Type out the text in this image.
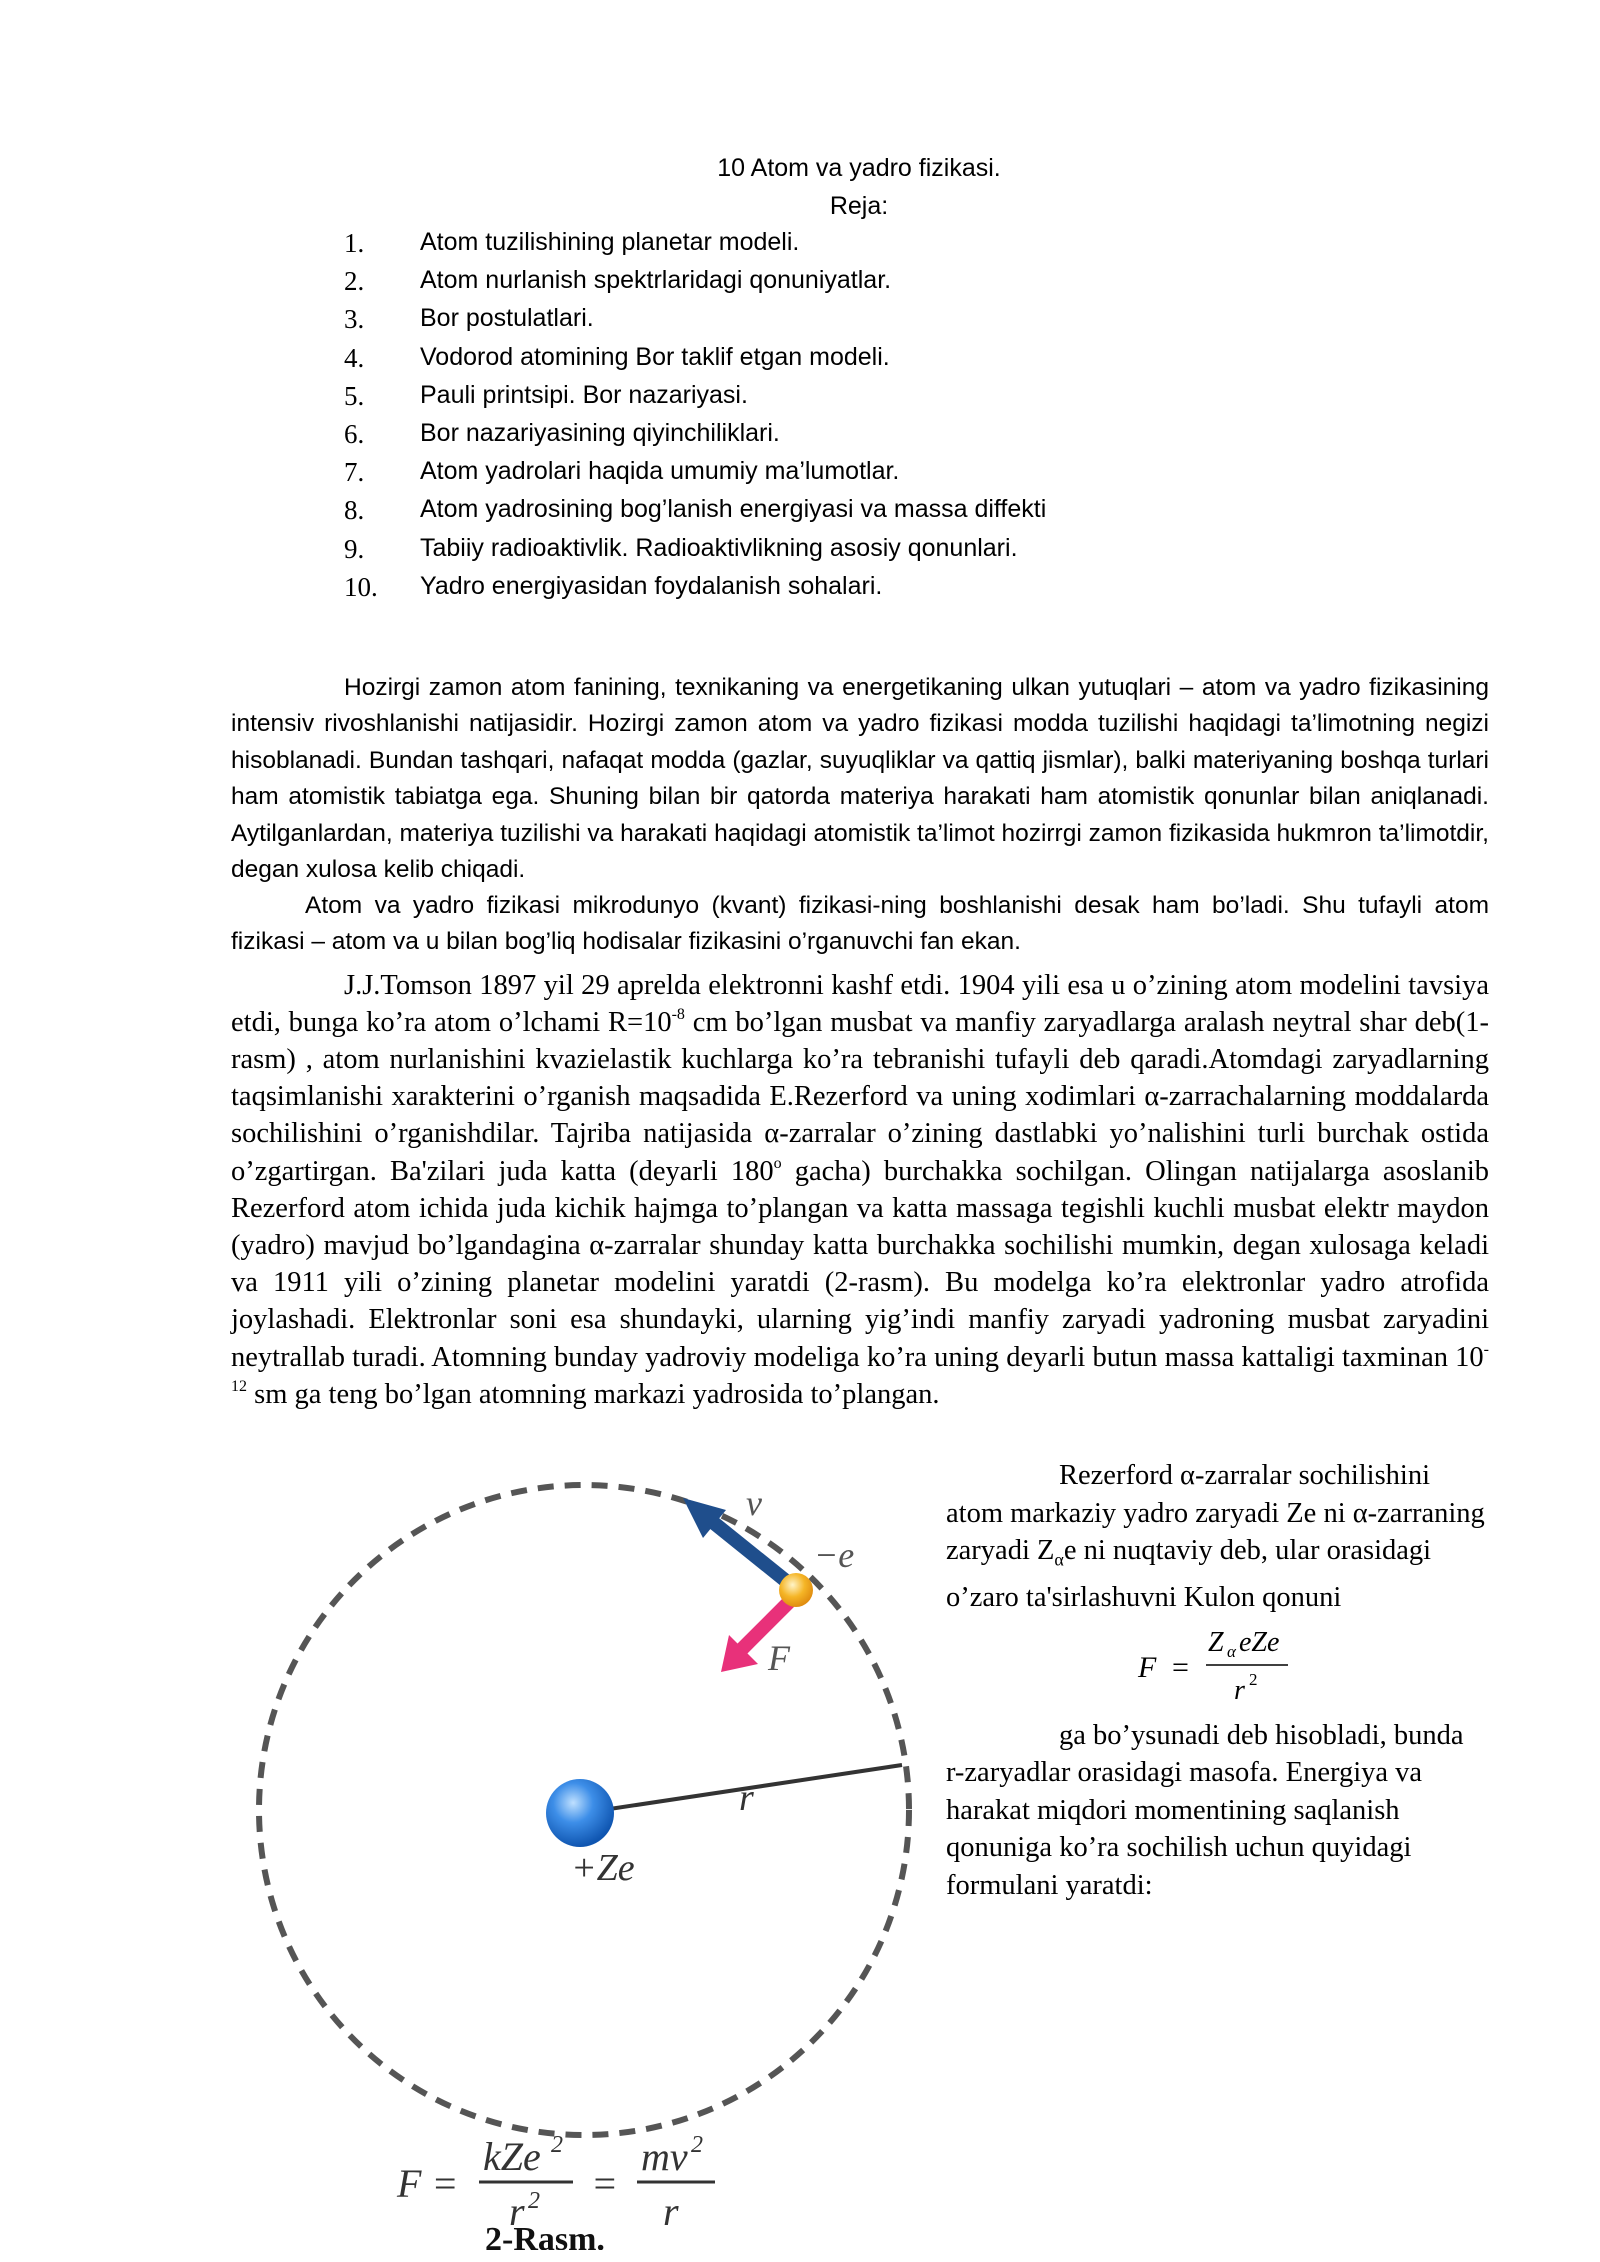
10 Atom va yadro fizikasi.
Reja:
1. Atom tuzilishining planetar modeli.
2. Atom nurlanish spektrlaridagi qonuniyatlar.
3. Bor postulatlari.
4. Vodorod atomining Bor taklif etgan modeli.
5. Pauli printsipi. Bor nazariyasi.
6. Bor nazariyasining qiyinchiliklari.
7. Atom yadrolari haqida umumiy ma’lumotlar.
8. Atom yadrosining bog’lanish energiyasi va massa diffekti
9. Tabiiy radioaktivlik. Radioaktivlikning asosiy qonunlari.
10. Yadro energiyasidan foydalanish sohalari.

Hozirgi zamon atom fanining, texnikaning va energetikaning ulkan yutuqlari – atom va yadro fizikasining intensiv rivoshlanishi natijasidir. Hozirgi zamon atom va yadro fizikasi modda tuzilishi haqidagi ta’limotning negizi hisoblanadi. Bundan tashqari, nafaqat modda (gazlar, suyuqliklar va qattiq jismlar), balki materiyaning boshqa turlari ham atomistik tabiatga ega. Shuning bilan bir qatorda materiya harakati ham atomistik qonunlar bilan aniqlanadi. Aytilganlardan, materiya tuzilishi va harakati haqidagi atomistik ta’limot hozirrgi zamon fizikasida hukmron ta’limotdir, degan xulosa kelib chiqadi.

Atom va yadro fizikasi mikrodunyo (kvant) fizikasi-ning boshlanishi desak ham bo’ladi. Shu tufayli atom fizikasi – atom va u bilan bog’liq hodisalar fizikasini o’rganuvchi fan ekan.

J.J.Tomson 1897 yil 29 aprelda elektronni kashf etdi. 1904 yili esa u o’zining atom modelini tavsiya etdi, bunga ko’ra atom o’lchami $R=10^{-8}$ cm bo’lgan musbat va manfiy zaryadlarga aralash neytral shar deb(1-rasm) , atom nurlanishini kvazielastik kuchlarga ko’ra tebranishi tufayli deb qaradi.Atomdagi zaryadlarning taqsimlanishi xarakterini o’rganish maqsadida E.Rezerford va uning xodimlari α-zarrachalarning moddalarda sochilishini o’rganishdilar. Tajriba natijasida α-zarralar o’zining dastlabki yo’nalishini turli burchak ostida o’zgartirgan. Ba'zilari juda katta (deyarli 180$^o$ gacha) burchakka sochilgan. Olingan natijalarga asoslanib Rezerford atom ichida juda kichik hajmga to’plangan va katta massaga tegishli kuchli musbat elektr maydon (yadro) mavjud bo’lgandagina α-zarralar shunday katta burchakka sochilishi mumkin, degan xulosaga keladi va 1911 yili o’zining planetar modelini yaratdi (2-rasm). Bu modelga ko’ra elektronlar yadro atrofida joylashadi. Elektronlar soni esa shundayki, ularning yig’indi manfiy zaryadi yadroning musbat zaryadini neytrallab turadi. Atomning bunday yadroviy modeliga ko’ra uning deyarli butun massa kattaligi taxminan $10^{-12}$ sm ga teng bo’lgan atomning markazi yadrosida to’plangan.

Rezerford α-zarralar sochilishini atom markaziy yadro zaryadi Ze ni α-zarraning zaryadi $Z_\alpha e$ ni nuqtaviy deb, ular orasidagi o’zaro ta'sirlashuvni Kulon qonuni

F =
Z α eZe
r 2

ga bo’ysunadi deb hisobladi, bunda r-zaryadlar orasidagi masofa. Energiya va harakat miqdori momentining saqlanish qonuniga ko’ra sochilish uchun quyidagi formulani yaratdi:

+Ze
r
v
F
−e
F =
kZe 2
r 2 =
mv 2
r
2-Rasm.
